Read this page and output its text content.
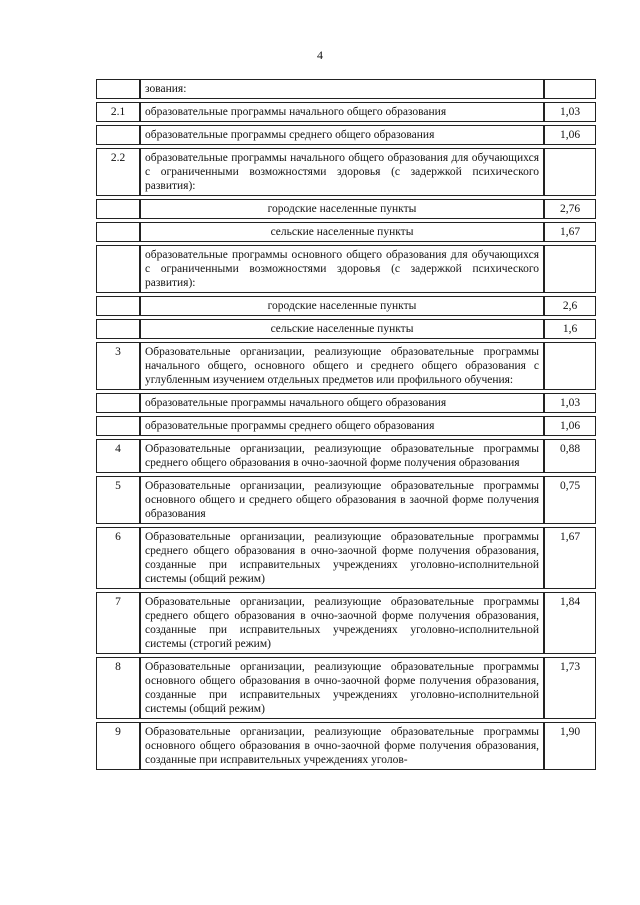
4
	зования:	
2.1	образовательные программы начального общего образования	1,03
	образовательные программы среднего общего образования	1,06
2.2	образовательные программы начального общего образования для обучающихся с ограниченными возможностями здоровья (с задержкой психического развития):	
	городские населенные пункты	2,76
	сельские населенные пункты	1,67
	образовательные программы основного общего образования для обучающихся с ограниченными возможностями здоровья (с задержкой психического развития):	
	городские населенные пункты	2,6
	сельские населенные пункты	1,6
3	Образовательные организации, реализующие образовательные программы начального общего, основного общего и среднего общего образования с углубленным изучением отдельных предметов или профильного обучения:	
	образовательные программы начального общего образования	1,03
	образовательные программы среднего общего образования	1,06
4	Образовательные организации, реализующие образовательные программы среднего общего образования в очно-заочной форме получения образования	0,88
5	Образовательные организации, реализующие образовательные программы основного общего и среднего общего образования в заочной форме получения образования	0,75
6	Образовательные организации, реализующие образовательные программы среднего общего образования в очно-заочной форме получения образования, созданные при исправительных учреждениях уголовно-исполнительной системы (общий режим)	1,67
7	Образовательные организации, реализующие образовательные программы среднего общего образования в очно-заочной форме получения образования, созданные при исправительных учреждениях уголовно-исполнительной системы (строгий режим)	1,84
8	Образовательные организации, реализующие образовательные программы основного общего образования в очно-заочной форме получения образования, созданные при исправительных учреждениях уголовно-исполнительной системы (общий режим)	1,73
9	Образовательные организации, реализующие образовательные программы основного общего образования в очно-заочной форме получения образования, созданные при исправительных учреждениях уголов-	1,90
